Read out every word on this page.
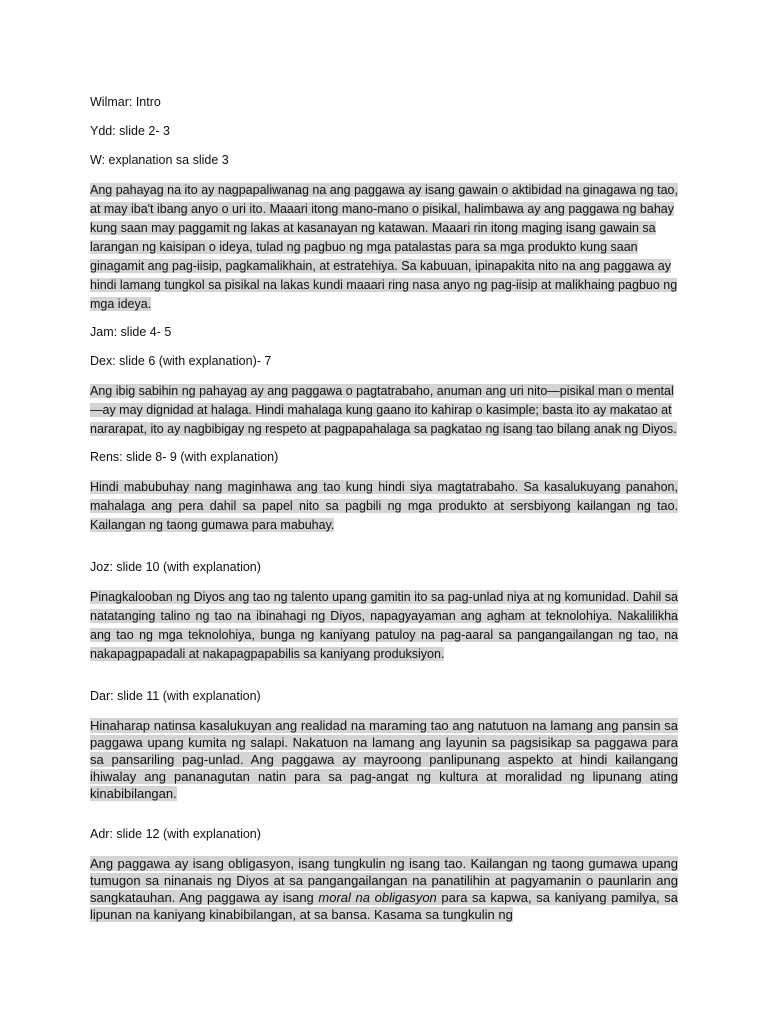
Wilmar: Intro

Ydd: slide 2- 3

W: explanation sa slide 3

Ang pahayag na ito ay nagpapaliwanag na ang paggawa ay isang gawain o aktibidad na ginagawa ng tao, at may iba't ibang anyo o uri ito. Maaari itong mano-mano o pisikal, halimbawa ay ang paggawa ng bahay kung saan may paggamit ng lakas at kasanayan ng katawan. Maaari rin itong maging isang gawain sa larangan ng kaisipan o ideya, tulad ng pagbuo ng mga patalastas para sa mga produkto kung saan ginagamit ang pag-iisip, pagkamalikhain, at estratehiya. Sa kabuuan, ipinapakita nito na ang paggawa ay hindi lamang tungkol sa pisikal na lakas kundi maaari ring nasa anyo ng pag-iisip at malikhaing pagbuo ng mga ideya.

Jam: slide 4- 5

Dex: slide 6 (with explanation)- 7

Ang ibig sabihin ng pahayag ay ang paggawa o pagtatrabaho, anuman ang uri nito—pisikal man o mental—ay may dignidad at halaga. Hindi mahalaga kung gaano ito kahirap o kasimple; basta ito ay makatao at nararapat, ito ay nagbibigay ng respeto at pagpapahalaga sa pagkatao ng isang tao bilang anak ng Diyos.

Rens: slide 8- 9 (with explanation)

Hindi mabubuhay nang maginhawa ang tao kung hindi siya magtatrabaho. Sa kasalukuyang panahon, mahalaga ang pera dahil sa papel nito sa pagbili ng mga produkto at sersbiyong kailangan ng tao. Kailangan ng taong gumawa para mabuhay.

Joz: slide 10 (with explanation)

Pinagkalooban ng Diyos ang tao ng talento upang gamitin ito sa pag-unlad niya at ng komunidad. Dahil sa natatanging talino ng tao na ibinahagi ng Diyos, napagyayaman ang agham at teknolohiya. Nakalilikha ang tao ng mga teknolohiya, bunga ng kaniyang patuloy na pag-aaral sa pangangailangan ng tao, na nakapagpapadali at nakapagpapabilis sa kaniyang produksiyon.

Dar: slide 11 (with explanation)

Hinaharap natinsa kasalukuyan ang realidad na maraming tao ang natutuon na lamang ang pansin sa paggawa upang kumita ng salapi. Nakatuon na lamang ang layunin sa pagsisikap sa paggawa para sa pansariling pag-unlad. Ang paggawa ay mayroong panlipunang aspekto at hindi kailangang ihiwalay ang pananagutan natin para sa pag-angat ng kultura at moralidad ng lipunang ating kinabibilangan.

Adr: slide 12 (with explanation)

Ang paggawa ay isang obligasyon, isang tungkulin ng isang tao. Kailangan ng taong gumawa upang tumugon sa ninanais ng Diyos at sa pangangailangan na panatilihin at pagyamanin o paunlarin ang sangkatauhan. Ang paggawa ay isang moral na obligasyon para sa kapwa, sa kaniyang pamilya, sa lipunan na kaniyang kinabibilangan, at sa bansa. Kasama sa tungkulin ng
